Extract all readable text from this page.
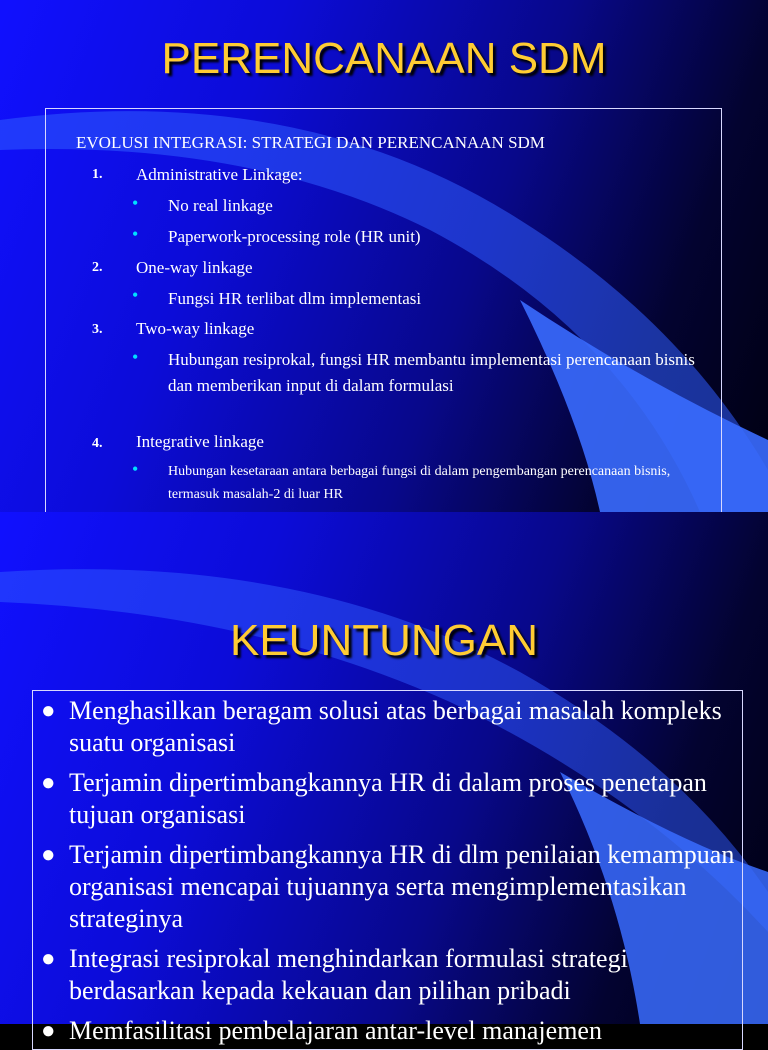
PERENCANAAN SDM
EVOLUSI INTEGRASI: STRATEGI DAN PERENCANAAN SDM
1. Administrative Linkage:
• No real linkage
• Paperwork-processing role (HR unit)
2. One-way linkage
• Fungsi HR terlibat dlm implementasi
3. Two-way linkage
• Hubungan resiprokal, fungsi HR membantu implementasi perencanaan bisnis dan memberikan input di dalam formulasi
4. Integrative linkage
• Hubungan kesetaraan antara berbagai fungsi di dalam pengembangan perencanaan bisnis, termasuk masalah-2 di luar HR
KEUNTUNGAN
● Menghasilkan beragam solusi atas berbagai masalah kompleks suatu organisasi
● Terjamin dipertimbangkannya HR di dalam proses penetapan tujuan organisasi
● Terjamin dipertimbangkannya HR di dlm penilaian kemampuan organisasi mencapai tujuannya serta mengimplementasikan strateginya
● Integrasi resiprokal menghindarkan formulasi strategi berdasarkan kepada kekauan dan pilihan pribadi
● Memfasilitasi pembelajaran antar-level manajemen
